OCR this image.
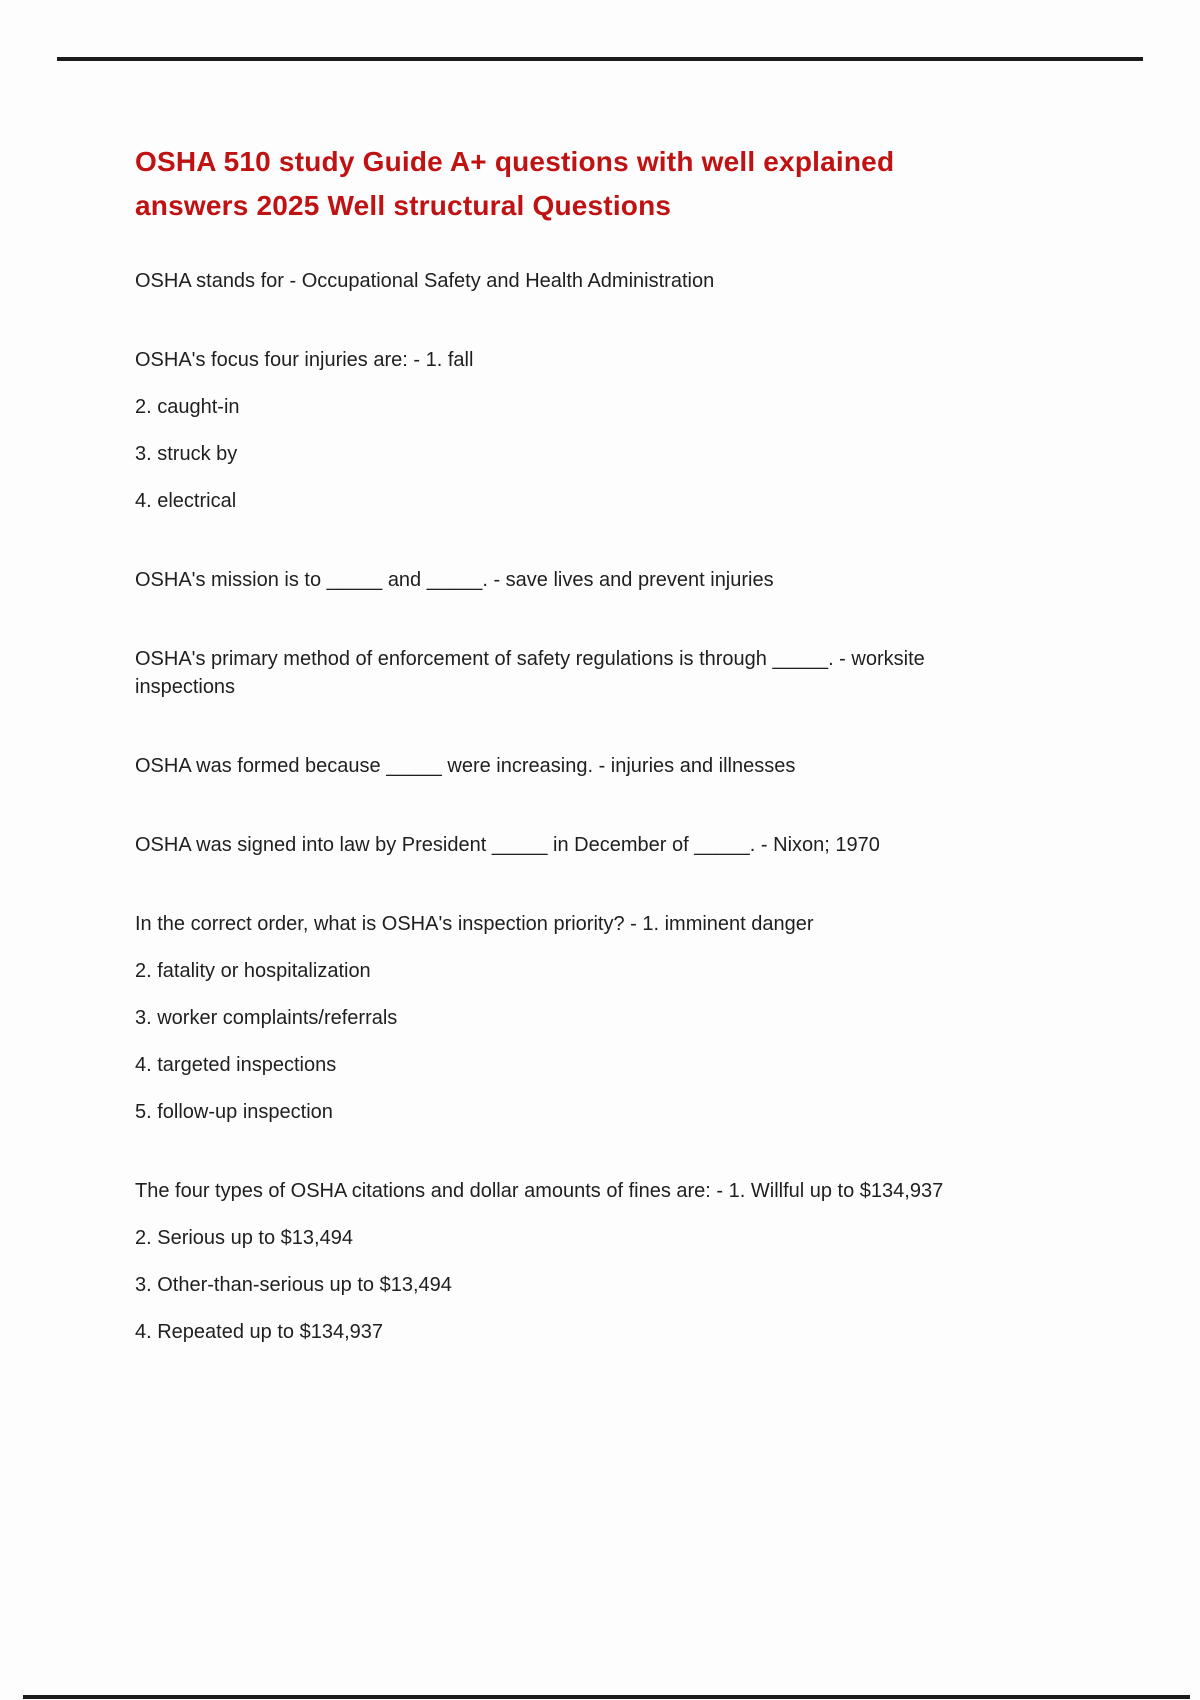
OSHA 510 study Guide A+ questions with well explained
answers 2025 Well structural Questions

OSHA stands for - Occupational Safety and Health Administration

OSHA's focus four injuries are: - 1. fall

2. caught-in

3. struck by

4. electrical

OSHA's mission is to _____ and _____. - save lives and prevent injuries

OSHA's primary method of enforcement of safety regulations is through _____. - worksite inspections

OSHA was formed because _____ were increasing. - injuries and illnesses

OSHA was signed into law by President _____ in December of _____. - Nixon; 1970

In the correct order, what is OSHA's inspection priority? - 1. imminent danger

2. fatality or hospitalization

3. worker complaints/referrals

4. targeted inspections

5. follow-up inspection

The four types of OSHA citations and dollar amounts of fines are: - 1. Willful up to $134,937

2. Serious up to $13,494

3. Other-than-serious up to $13,494

4. Repeated up to $134,937
